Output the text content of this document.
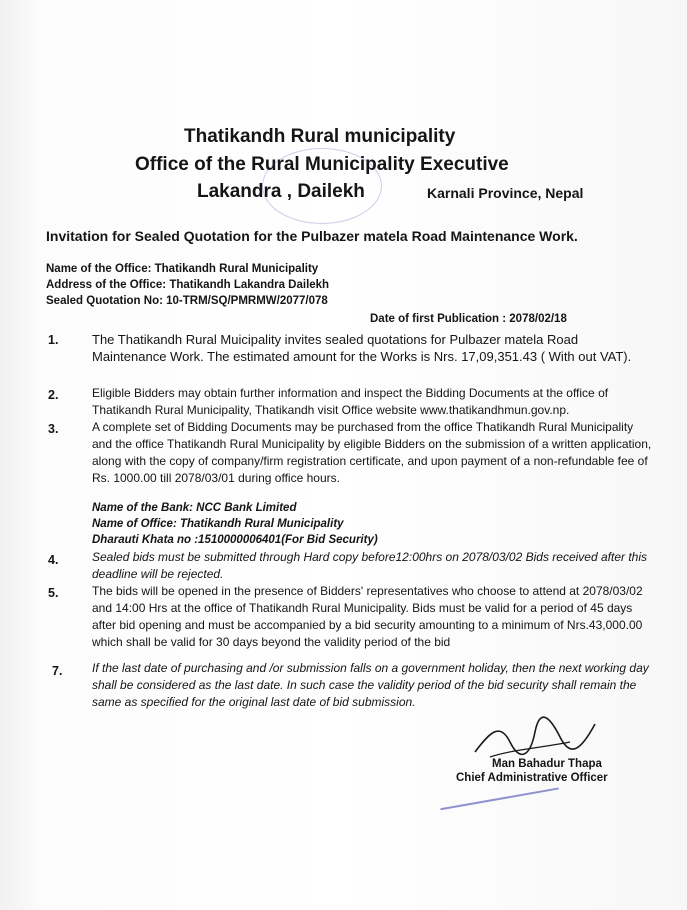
Thatikandh Rural municipality
Office of the Rural Municipality Executive
Lakandra , Dailekh	Karnali Province, Nepal
Invitation for Sealed Quotation for the Pulbazer matela Road Maintenance Work.
Name of the Office: Thatikandh Rural Municipality
Address of the Office: Thatikandh Lakandra Dailekh
Sealed Quotation No: 10-TRM/SQ/PMRMW/2077/078
Date of first Publication : 2078/02/18
1.	The Thatikandh Rural Muicipality invites sealed quotations for Pulbazer matela Road Maintenance Work. The estimated amount for the Works is Nrs. 17,09,351.43 ( With out VAT).
2.	Eligible Bidders may obtain further information and inspect the Bidding Documents at the office of Thatikandh Rural Municipality, Thatikandh visit Office website www.thatikandhmun.gov.np.
3.	A complete set of Bidding Documents may be purchased from the office Thatikandh Rural Municipality and the office Thatikandh Rural Municipality by eligible Bidders on the submission of a written application, along with the copy of company/firm registration certificate, and upon payment of a non-refundable fee of Rs. 1000.00 till 2078/03/01 during office hours.
Name of the Bank: NCC Bank Limited
Name of Office: Thatikandh Rural Municipality
Dharauti Khata no :1510000006401(For Bid Security)
4.	Sealed bids must be submitted through Hard copy before12:00hrs on 2078/03/02 Bids received after this deadline will be rejected.
5.	The bids will be opened in the presence of Bidders' representatives who choose to attend at 2078/03/02 and 14:00 Hrs at the office of Thatikandh Rural Municipality. Bids must be valid for a period of 45 days after bid opening and must be accompanied by a bid security amounting to a minimum of Nrs.43,000.00 which shall be valid for 30 days beyond the validity period of the bid
7. If the last date of purchasing and /or submission falls on a government holiday, then the next working day shall be considered as the last date. In such case the validity period of the bid security shall remain the same as specified for the original last date of bid submission.
Man Bahadur Thapa
Chief Administrative Officer
